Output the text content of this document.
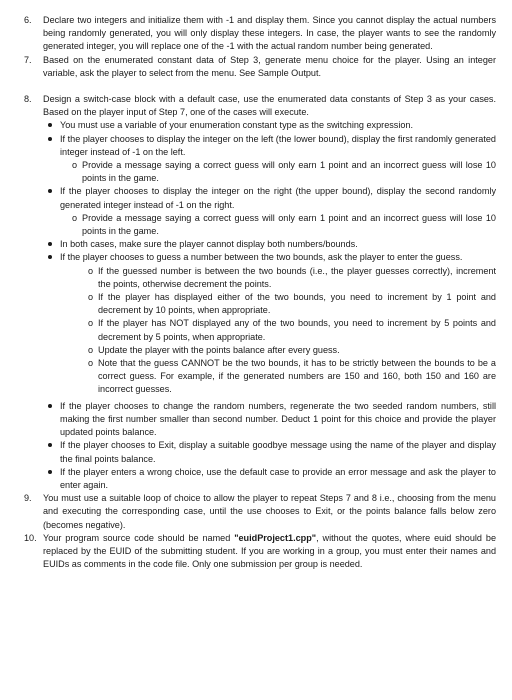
6. Declare two integers and initialize them with -1 and display them. Since you cannot display the actual numbers being randomly generated, you will only display these integers. In case, the player wants to see the randomly generated integer, you will replace one of the -1 with the actual random number being generated.
7. Based on the enumerated constant data of Step 3, generate menu choice for the player. Using an integer variable, ask the player to select from the menu. See Sample Output.
8. Design a switch-case block with a default case, use the enumerated data constants of Step 3 as your cases. Based on the player input of Step 7, one of the cases will execute.
You must use a variable of your enumeration constant type as the switching expression.
If the player chooses to display the integer on the left (the lower bound), display the first randomly generated integer instead of -1 on the left.
o Provide a message saying a correct guess will only earn 1 point and an incorrect guess will lose 10 points in the game.
If the player chooses to display the integer on the right (the upper bound), display the second randomly generated integer instead of -1 on the right.
o Provide a message saying a correct guess will only earn 1 point and an incorrect guess will lose 10 points in the game.
In both cases, make sure the player cannot display both numbers/bounds.
If the player chooses to guess a number between the two bounds, ask the player to enter the guess.
o If the guessed number is between the two bounds (i.e., the player guesses correctly), increment the points, otherwise decrement the points.
o If the player has displayed either of the two bounds, you need to increment by 1 point and decrement by 10 points, when appropriate.
o If the player has NOT displayed any of the two bounds, you need to increment by 5 points and decrement by 5 points, when appropriate.
o Update the player with the points balance after every guess.
o Note that the guess CANNOT be the two bounds, it has to be strictly between the bounds to be a correct guess. For example, if the generated numbers are 150 and 160, both 150 and 160 are incorrect guesses.
If the player chooses to change the random numbers, regenerate the two seeded random numbers, still making the first number smaller than second number. Deduct 1 point for this choice and provide the player updated points balance.
If the player chooses to Exit, display a suitable goodbye message using the name of the player and display the final points balance.
If the player enters a wrong choice, use the default case to provide an error message and ask the player to enter again.
9. You must use a suitable loop of choice to allow the player to repeat Steps 7 and 8 i.e., choosing from the menu and executing the corresponding case, until the use chooses to Exit, or the points balance falls below zero (becomes negative).
10. Your program source code should be named "euidProject1.cpp", without the quotes, where euid should be replaced by the EUID of the submitting student. If you are working in a group, you must enter their names and EUIDs as comments in the code file. Only one submission per group is needed.
